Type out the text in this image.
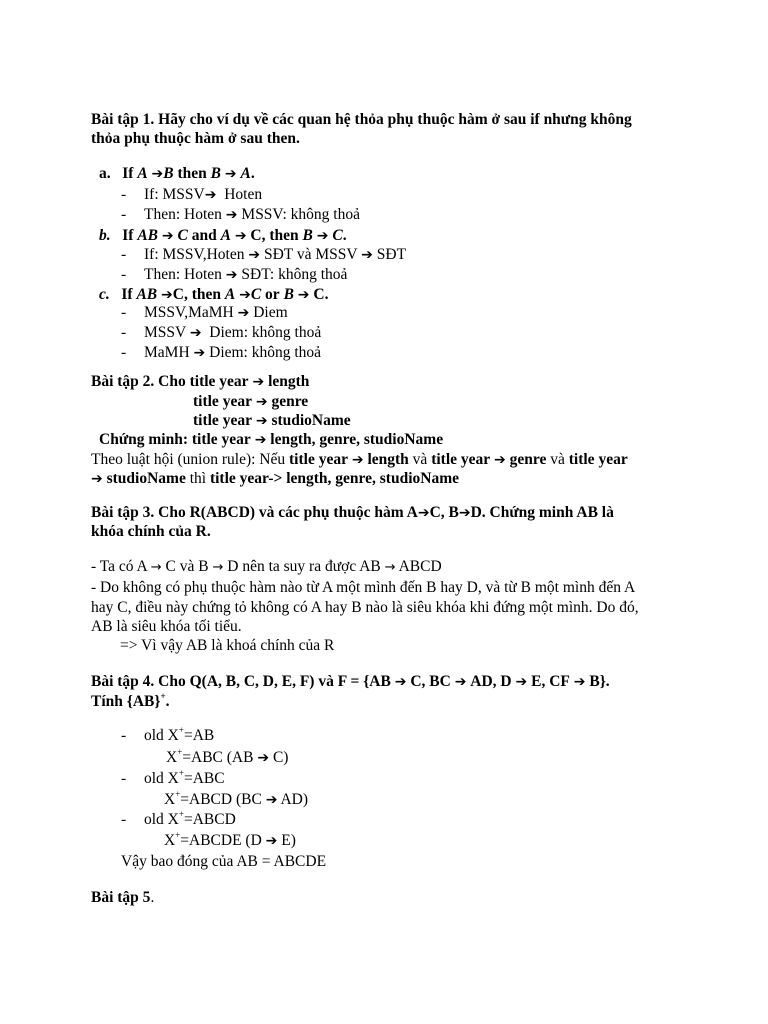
Bài tập 1. Hãy cho ví dụ về các quan hệ thỏa phụ thuộc hàm ở sau if nhưng không
thỏa phụ thuộc hàm ở sau then.
a. If A ➔B then B ➔ A.
- If: MSSV➔ Hoten
- Then: Hoten ➔ MSSV: không thoả
b. If AB ➔ C and A ➔ C, then B ➔ C.
- If: MSSV,Hoten ➔ SĐT và MSSV ➔ SĐT
- Then: Hoten ➔ SĐT: không thoả
c. If AB ➔C, then A ➔C or B ➔ C.
- MSSV,MaMH ➔ Diem
- MSSV ➔ Diem: không thoả
- MaMH ➔ Diem: không thoả
Bài tập 2. Cho title year ➔ length
title year ➔ genre
title year ➔ studioName
Chứng minh: title year ➔ length, genre, studioName
Theo luật hội (union rule): Nếu title year ➔ length và title year ➔ genre và title year
➔ studioName thì title year-> length, genre, studioName
Bài tập 3. Cho R(ABCD) và các phụ thuộc hàm A➔C, B➔D. Chứng minh AB là
khóa chính của R.
- Ta có A → C và B → D nên ta suy ra được AB → ABCD
- Do không có phụ thuộc hàm nào từ A một mình đến B hay D, và từ B một mình đến A
hay C, điều này chứng tỏ không có A hay B nào là siêu khóa khi đứng một mình. Do đó,
AB là siêu khóa tối tiểu.
=> Vì vậy AB là khoá chính của R
Bài tập 4. Cho Q(A, B, C, D, E, F) và F = {AB ➔ C, BC ➔ AD, D ➔ E, CF ➔ B}.
Tính {AB}+.
- old X+=AB
X+=ABC (AB ➔ C)
- old X+=ABC
X+=ABCD (BC ➔ AD)
- old X+=ABCD
X+=ABCDE (D ➔ E)
Vậy bao đóng của AB = ABCDE
Bài tập 5.
